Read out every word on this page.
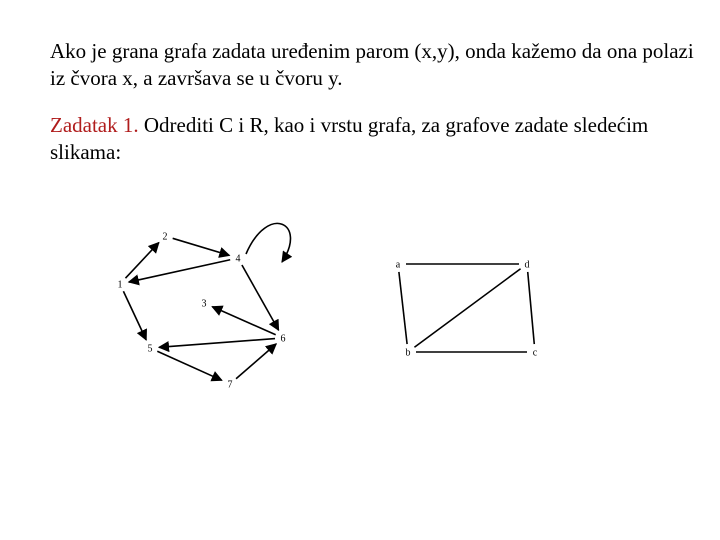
Ako je grana grafa zadata uređenim parom (x,y), onda kažemo da ona polazi iz čvora x, a završava se u čvoru y.

Zadatak 1. Odrediti C i R, kao i vrstu grafa, za grafove zadate sledećim slikama:

2
4
1
3
6
5
7
a	d
b	c
